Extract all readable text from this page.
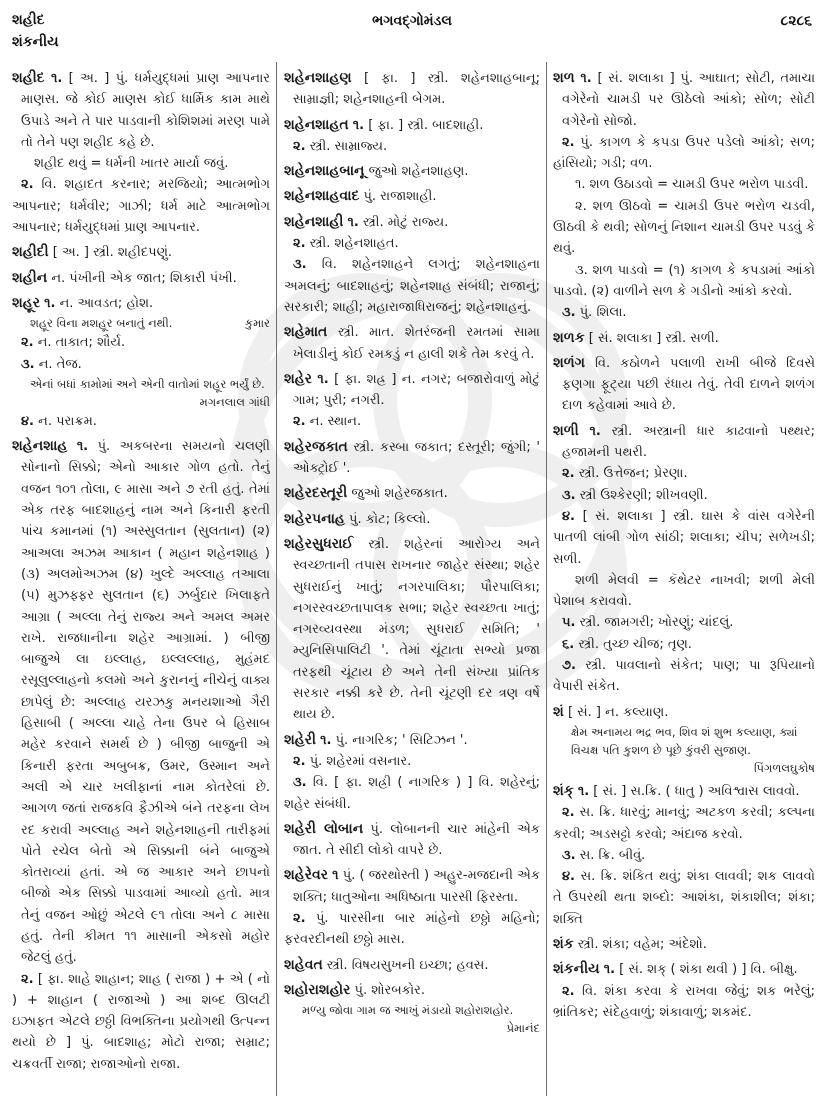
શહીદ
શંકનીય
ભગવદ્ગોમંડલ	૮૨૮૬

શહીદ ૧. [ અ. ] પું. ધર્મયુદ્ધમાં પ્રાણ આપનાર માણસ. જે કોઈ માણસ કોઈ ધાર્મિક કામ માથે ઉપાડે અને તે પાર પાડવાની કોશિશમાં મરણ પામે તો તેને પણ શહીદ કહે છે.

શહીદ થવું = ધર્મની ખાતર માર્યા જવું.

૨. વિ. શહાદત કરનાર; મરજિયો; આત્મભોગ આપનાર; ધર્મવીર; ગાઝી; ધર્મ માટે આત્મભોગ આપનાર; ધર્મયુદ્ધમાં પ્રાણ આપનાર.

શહીદી [ અ. ] સ્ત્રી. શહીદપણું.

શહીન ન. પંખીની એક જાત; શિકારી પંખી.

શહૂર ૧. ન. આવડત; હોશ.

શહૂર વિના મશહૂર બનાતું નથી.	કુમાર

૨. ન. તાકાત; શૌર્ય.

૩. ન. તેજ.

એનાં બધાં કામોમાં અને એની વાતોમાં શહૂર ભર્યું છે.
મગનલાલ ગાંધી

૪. ન. પરાક્રમ.

શહેનશાહ ૧. પું. અકબરના સમયનો ચલણી સોનાનો સિક્કો; એનો આકાર ગોળ હતો. તેનું વજન ૧૦૧ તોલા, ૯ માસા અને ૭ રતી હતું. તેમાં એક તરફ બાદશાહનું નામ અને કિનારી ફરતી પાંચ કમાનમાં (૧) અસ્સુલતાન (સુલતાન) (૨) આઅલા અઝમ આકાન ( મહાન શહેનશાહ ) (૩) અલમોઅઝમ (૪) ખુલ્દે અલ્લાહ તઆલા (૫) મુઝફ્ફર સુલતાન (૬) ઝર્બુદાર ખિલાફતે આગ્રા ( અલ્લા તેનું રાજ્ય અને અમલ અમર રાખે. રાજધાનીના શહેર આગ્રામાં. ) બીજી બાજુએ લા ઇલ્લાહ, ઇલ્લલ્લાહ, મુહંમદ રસૂલુલ્લાહનો કલમો અને કુરાનનું નીચેનું વાક્ય છાપેલું છે: અલ્લાહ યરઝકુ મનયશાઓ ગૈરી હિસાબી ( અલ્લા ચાહે તેના ઉપર બે હિસાબ મહેર કરવાને સમર્થ છે ) બીજી બાજુની એ કિનારી ફરતા અબુબક્ર, ઉમર, ઉસ્માન અને અલી એ ચાર ખલીફાનાં નામ કોતરેલાં છે. આગળ જતાં રાજકવિ ફૈઝીએ બંને તરફના લેખ રદ કરાવી અલ્લાહ અને શહેનશાહની તારીફમાં પોતે રચેલ બેતો એ સિક્કાની બંને બાજુએ કોતરાવ્યાં હતાં. એ જ આકાર અને છાપનો બીજો એક સિક્કો પાડવામાં આવ્યો હતો. માત્ર તેનું વજન ઓછું એટલે ૯૧ તોલા અને ૮ માસા હતું. તેની કીમત ૧૧ માસાની એકસો મહોર જેટલું હતું.

૨. [ ફા. શાહે શાહાન; શાહ ( રાજા ) + એ ( નો ) + શાહાન ( રાજાઓ ) આ શબ્દ ઊલટી ઇઝાફત એટલે છઠ્ઠી વિભક્તિના પ્રયોગથી ઉત્પન્ન થયો છે ] પું. બાદશાહ; મોટો રાજા; સમ્રાટ; ચક્રવર્તી રાજા; રાજાઓનો રાજા.

શહેનશાહણ [ ફા. ] સ્ત્રી. શહેનશાહબાનૂ; સામ્રાજ્ઞી; શહેનશાહની બેગમ.

શહેનશાહત ૧. [ ફા. ] સ્ત્રી. બાદશાહી.

૨. સ્ત્રી. સામ્રાજ્ય.

શહેનશાહબાનૂ જુઓ શહેનશાહણ.

શહેનશાહવાદ પું. રાજાશાહી.

શહેનશાહી ૧. સ્ત્રી. મોટું રાજ્ય.

૨. સ્ત્રી. શહેનશાહત.

૩. વિ. શહેનશાહને લગતું; શહેનશાહના અમલનું; બાદશાહનું; શહેનશાહ સંબંધી; રાજાનું; સરકારી; શાહી; મહારાજાધિરાજનું; શહેનશાહનું.

શહેમાત સ્ત્રી. માત. શેતરંજની રમતમાં સામા ખેલાડીનું કોઈ રમકડું ન હાલી શકે તેમ કરવું તે.

શહેર ૧. [ ફા. શહ્ર ] ન. નગર; બજારોવાળું મોટું ગામ; પુરી; નગરી.

૨. ન. સ્થાન.

શહેરજકાત સ્ત્રી. કસ્બા જકાત; દસ્તૂરી; જુંગી; ' ઓક્ટ્રોઈ '.

શહેરદસ્તૂરી જુઓ શહેરજકાત.

શહેરપનાહ પું. કોટ; કિલ્લો.

શહેરસુધરાઈ સ્ત્રી. શહેરનાં આરોગ્ય અને સ્વચ્છતાની તપાસ રાખનાર જાહેર સંસ્થા; શહેર સુધરાઈનું ખાતું; નગરપાલિકા; પૌરપાલિકા; નગરસ્વચ્છતાપાલક સભા; શહેર સ્વચ્છતા ખાતું; નગરવ્યવસ્થા મંડળ; સુધરાઈ સમિતિ; ' મ્યુનિસિપાલિટી '. તેમાં ચૂંટાતા સભ્યો પ્રજા તરફથી ચૂંટાય છે અને તેની સંખ્યા પ્રાંતિક સરકાર નક્કી કરે છે. તેની ચૂંટણી દર ત્રણ વર્ષે થાય છે.

શહેરી ૧. પું. નાગરિક; ' સિટિઝન '.

૨. પું. શહેરમાં વસનાર.

૩. વિ. [ ફા. શહ્રી ( નાગરિક ) ] વિ. શહેરનું; શહેર સંબંધી.

શહેરી લોબાન પું. લોબાનની ચાર માંહેની એક જાત. તે સીદી લોકો વાપરે છે.

શહેરેવર ૧ પું. ( જરથોસ્તી ) અહુર-મજદાની એક શક્તિ; ધાતુઓના અધિષ્ઠાતા પારસી ફિરસ્તા.

૨. પું. પારસીના બાર માંહેનો છઠ્ઠો મહિનો; ફરવરદીનથી છઠ્ઠો માસ.

શહેવત સ્ત્રી. વિષયસુખની ઇચ્છા; હવસ.

શહોરાશહોર પું. શોરબકોર.

મળ્યુ જોવા ગામ જ આખું મંડાયો શહોરાશહોર.
પ્રેમાનંદ

શળ ૧. [ સં. શલાકા ] પું. આઘાત; સોટી, તમાચા વગેરેનો ચામડી પર ઊઠેલો આંકો; સોળ; સોટી વગેરેનો સોજો.

૨. પું. કાગળ કે કપડા ઉપર પડેલો આંકો; સળ; હાંસિયો; ગડી; વળ.

૧. શળ ઉઠાડવો = ચામડી ઉપર ભરોળ પાડવી.

૨. શળ ઊઠવો = ચામડી ઉપર ભરોળ ચડવી, ઊઠવી કે થવી; સોળનું નિશાન ચામડી ઉપર પડવું કે થવું.

૩. શળ પાડવો = (૧) કાગળ કે કપડામાં આંકો પાડવો. (૨) વાળીને સળ કે ગડીનો આંકો કરવો.

૩. પું. શિલા.

શળક [ સં. શલાકા ] સ્ત્રી. સળી.

શળંગ વિ. કઠોળને પલાળી રાખી બીજે દિવસે ફણગા ફૂટ્યા પછી રંધાય તેવું. તેવી દાળને શળંગ દાળ કહેવામાં આવે છે.

શળી ૧. સ્ત્રી. અસ્ત્રાની ધાર કાઢવાનો પથ્થર; હજામની પથરી.

૨. સ્ત્રી. ઉત્તેજન; પ્રેરણા.

૩. સ્ત્રી ઉશ્કેરણી; શીખવણી.

૪. [ સં. શલાકા ] સ્ત્રી. ઘાસ કે વાંસ વગેરેની પાતળી લાંબી ગોળ સાંઠી; શલાકા; ચીપ; સળેખડી; સળી.

શળી મેલવી = કૅથેટર નાખવી; શળી મેલી પેશાબ કરાવવો.

૫. સ્ત્રી. જામગરી; ખોરણું; ચાંદલું.

૬. સ્ત્રી. તુચ્છ ચીજ; તૃણ.

૭. સ્ત્રી. પાવલાનો સંકેત; પાણ; પા રૂપિયાનો વેપારી સંકેત.

શં [ સં. ] ન. કલ્યાણ.

ક્ષેમ અનામય ભદ્ર ભવ, શિવ શં શુભ કલ્યાણ, ક્યાં વિચક્ષ પતિ કુશળ છે પૂછે કુંવરી સુજાણ.
પિંગળલઘુકોષ

શંક્ ૧. [ સં. ] સ.ક્રિ. ( ધાતુ ) અવિશ્વાસ લાવવો.

૨. સ. ક્રિ. ધારવું; માનવું; અટકળ કરવી; કલ્પના કરવી; અડસટ્ટો કરવો; અંદાજ કરવો.

૩. સ. ક્રિ. બીવું.

૪. સ. ક્રિ. શંકિત થવું; શંકા લાવવી; શક લાવવો તે ઉપરથી થતા શબ્દો: આશંકા, શંકાશીલ; શંકા; શક્તિ

શંક સ્ત્રી. શંકા; વહેમ; અંદેશો.

શંકનીય ૧. [ સં. શક્ ( શંકા થવી ) ] વિ. બીક્ષુ.

૨. વિ. શંકા કરવા કે રાખવા જેવું; શક ભરેલું; ભ્રાંતિકર; સંદેહવાળું; શંકાવાળું; શકમંદ.
